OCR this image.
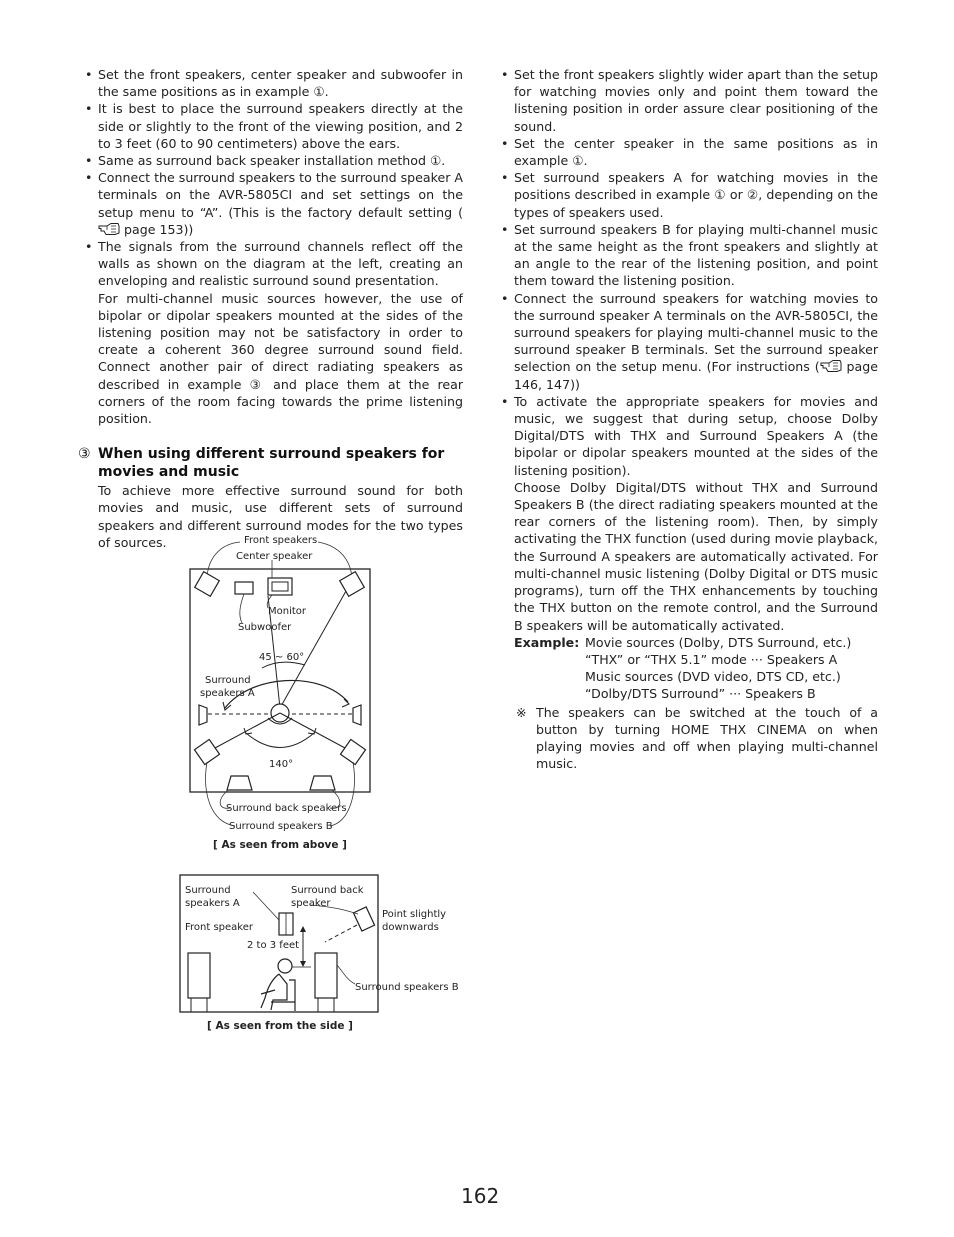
• Set the front speakers, center speaker and subwoofer in the same positions as in example ①.
• It is best to place the surround speakers directly at the side or slightly to the front of the viewing position, and 2 to 3 feet (60 to 90 centimeters) above the ears.
• Same as surround back speaker installation method ①.
• Connect the surround speakers to the surround speaker A terminals on the AVR-5805CI and set settings on the setup menu to “A”. (This is the factory default setting ( page 153))
• The signals from the surround channels reflect off the walls as shown on the diagram at the left, creating an enveloping and realistic surround sound presentation.
For multi-channel music sources however, the use of bipolar or dipolar speakers mounted at the sides of the listening position may not be satisfactory in order to create a coherent 360 degree surround sound field. Connect another pair of direct radiating speakers as described in example ③ and place them at the rear corners of the room facing towards the prime listening position.
③ When using different surround speakers for movies and music
To achieve more effective surround sound for both movies and music, use different sets of surround speakers and different surround modes for the two types of sources.	Front speakers
Center speaker
Monitor
Subwoofer
45 ~ 60°
Surround
speakers A
140°
Surround back speakers
Surround speakers B
[ As seen from above ]
Surround
speakers A
Surround back
speaker
Point slightly
downwards
Front speaker
2 to 3 feet
Surround speakers B
[ As seen from the side ]
• Set the front speakers slightly wider apart than the setup for watching movies only and point them toward the listening position in order assure clear positioning of the sound.
• Set the center speaker in the same positions as in example ①.
• Set surround speakers A for watching movies in the positions described in example ① or ②, depending on the types of speakers used.
• Set surround speakers B for playing multi-channel music at the same height as the front speakers and slightly at an angle to the rear of the listening position, and point them toward the listening position.
• Connect the surround speakers for watching movies to the surround speaker A terminals on the AVR-5805CI, the surround speakers for playing multi-channel music to the surround speaker B terminals. Set the surround speaker selection on the setup menu. (For instructions ( page 146, 147))
• To activate the appropriate speakers for movies and music, we suggest that during setup, choose Dolby Digital/DTS with THX and Surround Speakers A (the bipolar or dipolar speakers mounted at the sides of the listening position).
Choose Dolby Digital/DTS without THX and Surround Speakers B (the direct radiating speakers mounted at the rear corners of the listening room). Then, by simply activating the THX function (used during movie playback, the Surround A speakers are automatically activated. For multi-channel music listening (Dolby Digital or DTS music programs), turn off the THX enhancements by touching the THX button on the remote control, and the Surround B speakers will be automatically activated.
Example: Movie sources (Dolby, DTS Surround, etc.)
“THX” or “THX 5.1” mode ··· Speakers A
Music sources (DVD video, DTS CD, etc.)
“Dolby/DTS Surround” ··· Speakers B
※ The speakers can be switched at the touch of a button by turning HOME THX CINEMA on when playing movies and off when playing multi-channel music.
162
